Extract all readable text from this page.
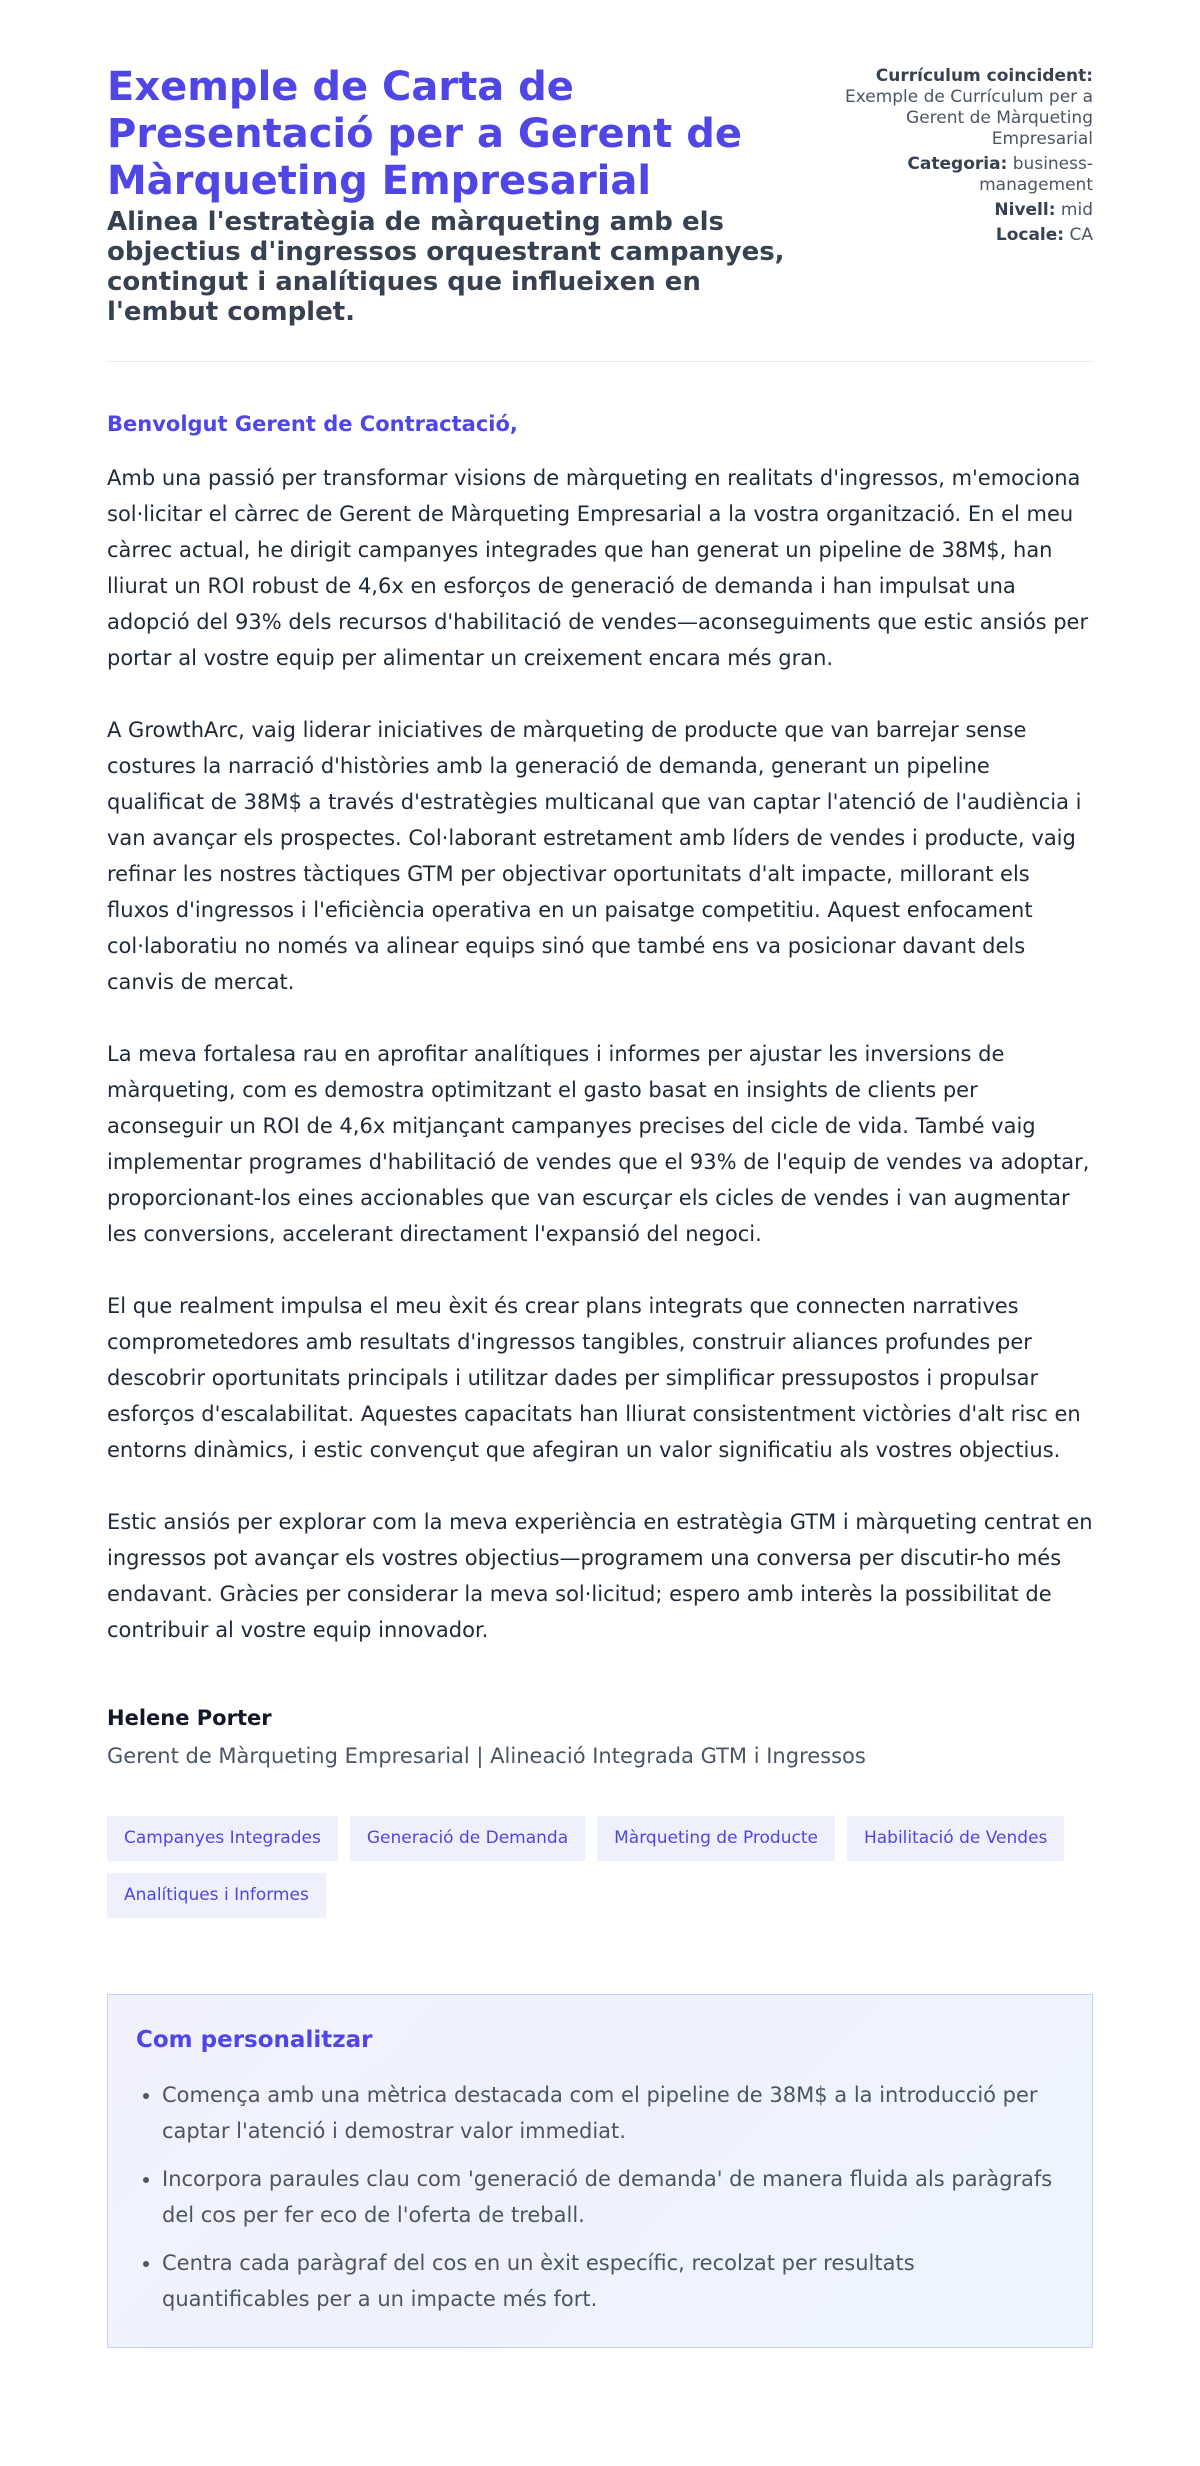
Exemple de Carta de Presentació per a Gerent de Màrqueting Empresarial
Alinea l'estratègia de màrqueting amb els objectius d'ingressos orquestrant campanyes, contingut i analítiques que influeixen en l'embut complet.
Currículum coincident: Exemple de Currículum per a Gerent de Màrqueting Empresarial
Categoria: business-management
Nivell: mid
Locale: CA

Benvolgut Gerent de Contractació,

Amb una passió per transformar visions de màrqueting en realitats d'ingressos, m'emociona sol·licitar el càrrec de Gerent de Màrqueting Empresarial a la vostra organització. En el meu càrrec actual, he dirigit campanyes integrades que han generat un pipeline de 38M$, han lliurat un ROI robust de 4,6x en esforços de generació de demanda i han impulsat una adopció del 93% dels recursos d'habilitació de vendes—aconseguiments que estic ansiós per portar al vostre equip per alimentar un creixement encara més gran.

A GrowthArc, vaig liderar iniciatives de màrqueting de producte que van barrejar sense costures la narració d'històries amb la generació de demanda, generant un pipeline qualificat de 38M$ a través d'estratègies multicanal que van captar l'atenció de l'audiència i van avançar els prospectes. Col·laborant estretament amb líders de vendes i producte, vaig refinar les nostres tàctiques GTM per objectivar oportunitats d'alt impacte, millorant els fluxos d'ingressos i l'eficiència operativa en un paisatge competitiu. Aquest enfocament col·laboratiu no només va alinear equips sinó que també ens va posicionar davant dels canvis de mercat.

La meva fortalesa rau en aprofitar analítiques i informes per ajustar les inversions de màrqueting, com es demostra optimitzant el gasto basat en insights de clients per aconseguir un ROI de 4,6x mitjançant campanyes precises del cicle de vida. També vaig implementar programes d'habilitació de vendes que el 93% de l'equip de vendes va adoptar, proporcionant-los eines accionables que van escurçar els cicles de vendes i van augmentar les conversions, accelerant directament l'expansió del negoci.

El que realment impulsa el meu èxit és crear plans integrats que connecten narratives comprometedores amb resultats d'ingressos tangibles, construir aliances profundes per descobrir oportunitats principals i utilitzar dades per simplificar pressupostos i propulsar esforços d'escalabilitat. Aquestes capacitats han lliurat consistentment victòries d'alt risc en entorns dinàmics, i estic convençut que afegiran un valor significatiu als vostres objectius.

Estic ansiós per explorar com la meva experiència en estratègia GTM i màrqueting centrat en ingressos pot avançar els vostres objectius—programem una conversa per discutir-ho més endavant. Gràcies per considerar la meva sol·licitud; espero amb interès la possibilitat de contribuir al vostre equip innovador.

Helene Porter

Gerent de Màrqueting Empresarial | Alineació Integrada GTM i Ingressos

Campanyes Integrades	Generació de Demanda	Màrqueting de Producte	Habilitació de Vendes
Analítiques i Informes
Com personalitzar
• Comença amb una mètrica destacada com el pipeline de 38M$ a la introducció per captar l'atenció i demostrar valor immediat.
• Incorpora paraules clau com 'generació de demanda' de manera fluida als paràgrafs del cos per fer eco de l'oferta de treball.
• Centra cada paràgraf del cos en un èxit específic, recolzat per resultats quantificables per a un impacte més fort.
